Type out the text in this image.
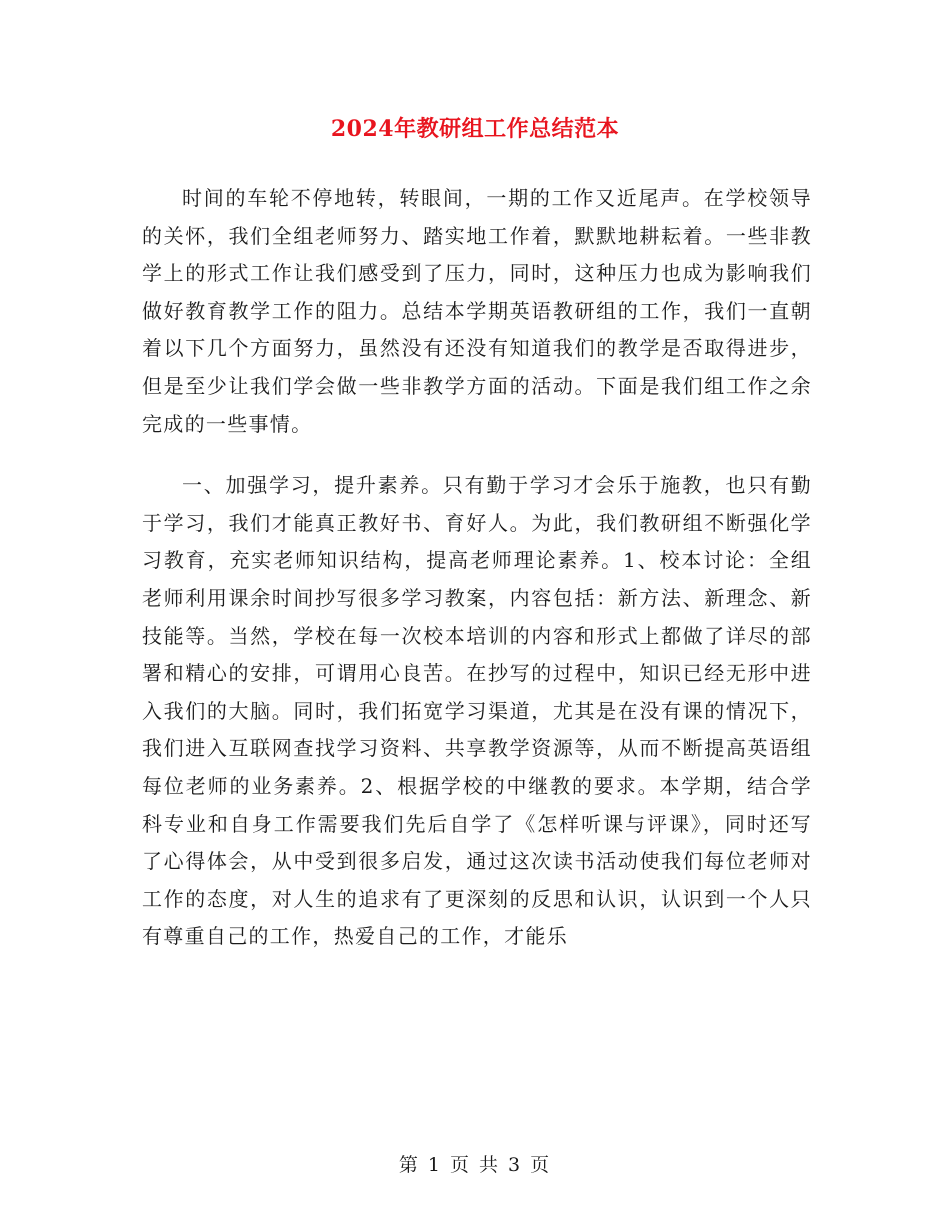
2024年教研组工作总结范本

时间的车轮不停地转，转眼间，一期的工作又近尾声。在学校领导的关怀，我们全组老师努力、踏实地工作着，默默地耕耘着。一些非教学上的形式工作让我们感受到了压力，同时，这种压力也成为影响我们做好教育教学工作的阻力。总结本学期英语教研组的工作，我们一直朝着以下几个方面努力，虽然没有还没有知道我们的教学是否取得进步，但是至少让我们学会做一些非教学方面的活动。下面是我们组工作之余完成的一些事情。

一、加强学习，提升素养。只有勤于学习才会乐于施教，也只有勤于学习，我们才能真正教好书、育好人。为此，我们教研组不断强化学习教育，充实老师知识结构，提高老师理论素养。1、校本讨论：全组老师利用课余时间抄写很多学习教案，内容包括：新方法、新理念、新技能等。当然，学校在每一次校本培训的内容和形式上都做了详尽的部署和精心的安排，可谓用心良苦。在抄写的过程中，知识已经无形中进入我们的大脑。同时，我们拓宽学习渠道，尤其是在没有课的情况下，我们进入互联网查找学习资料、共享教学资源等，从而不断提高英语组每位老师的业务素养。2、根据学校的中继教的要求。本学期，结合学科专业和自身工作需要我们先后自学了《怎样听课与评课》，同时还写了心得体会，从中受到很多启发，通过这次读书活动使我们每位老师对工作的态度，对人生的追求有了更深刻的反思和认识，认识到一个人只有尊重自己的工作，热爱自己的工作，才能乐

第 1 页 共 3 页
